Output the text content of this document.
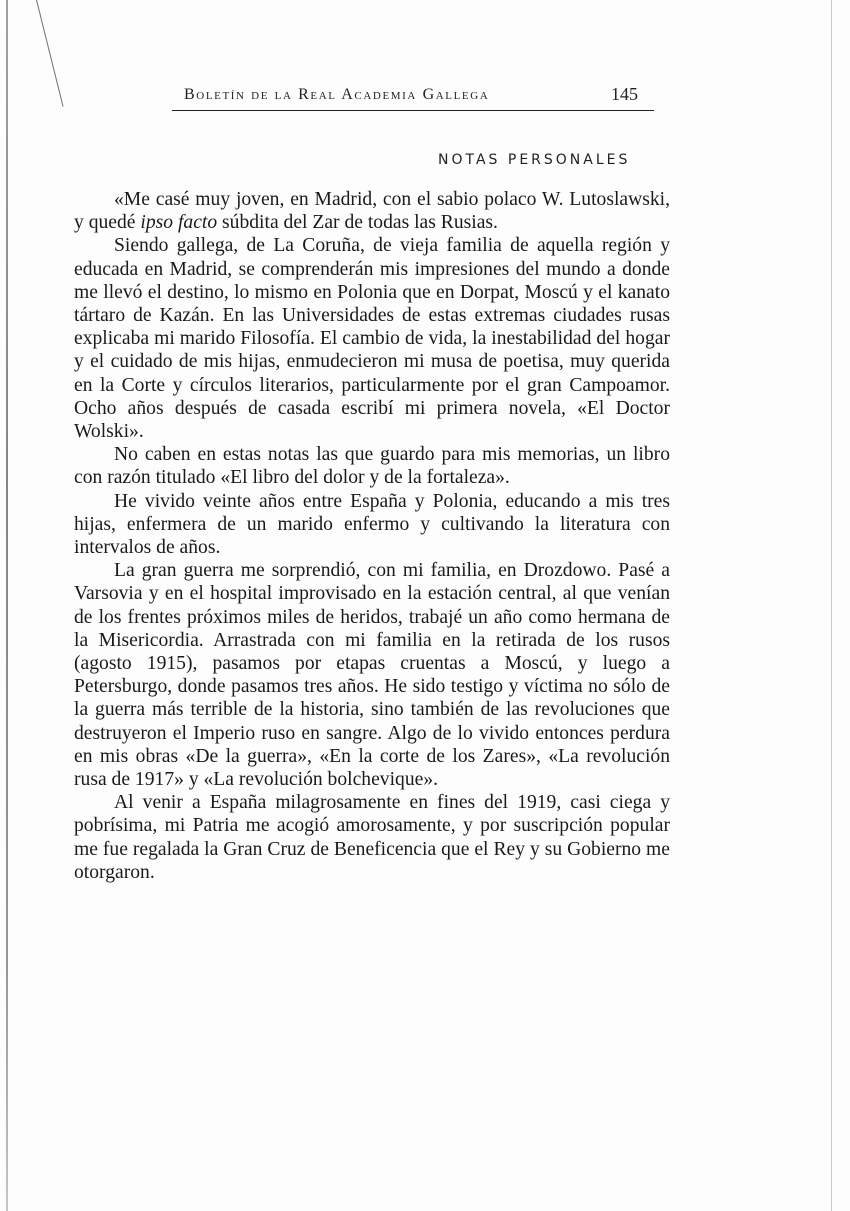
Boletín de la Real Academia Gallega	145
NOTAS PERSONALES

«Me casé muy joven, en Madrid, con el sabio polaco W. Lutoslawski, y quedé ipso facto súbdita del Zar de todas las Rusias.

Siendo gallega, de La Coruña, de vieja familia de aquella región y educada en Madrid, se comprenderán mis impresiones del mundo a donde me llevó el destino, lo mismo en Polonia que en Dorpat, Moscú y el kanato tártaro de Kazán. En las Universidades de estas extremas ciudades rusas explicaba mi marido Filosofía. El cambio de vida, la inestabilidad del hogar y el cuidado de mis hijas, enmudecieron mi musa de poetisa, muy querida en la Corte y círculos literarios, particularmente por el gran Campoamor. Ocho años después de casada escribí mi primera novela, «El Doctor Wolski».

No caben en estas notas las que guardo para mis memorias, un libro con razón titulado «El libro del dolor y de la fortaleza».

He vivido veinte años entre España y Polonia, educando a mis tres hijas, enfermera de un marido enfermo y cultivando la literatura con intervalos de años.

La gran guerra me sorprendió, con mi familia, en Drozdowo. Pasé a Varsovia y en el hospital improvisado en la estación central, al que venían de los frentes próximos miles de heridos, trabajé un año como hermana de la Misericordia. Arrastrada con mi familia en la retirada de los rusos (agosto 1915), pasamos por etapas cruentas a Moscú, y luego a Petersburgo, donde pasamos tres años. He sido testigo y víctima no sólo de la guerra más terrible de la historia, sino también de las revoluciones que destruyeron el Imperio ruso en sangre. Algo de lo vivido entonces perdura en mis obras «De la guerra», «En la corte de los Zares», «La revolución rusa de 1917» y «La revolución bolchevique».

Al venir a España milagrosamente en fines del 1919, casi ciega y pobrísima, mi Patria me acogió amorosamente, y por suscripción popular me fue regalada la Gran Cruz de Beneficencia que el Rey y su Gobierno me otorgaron.
